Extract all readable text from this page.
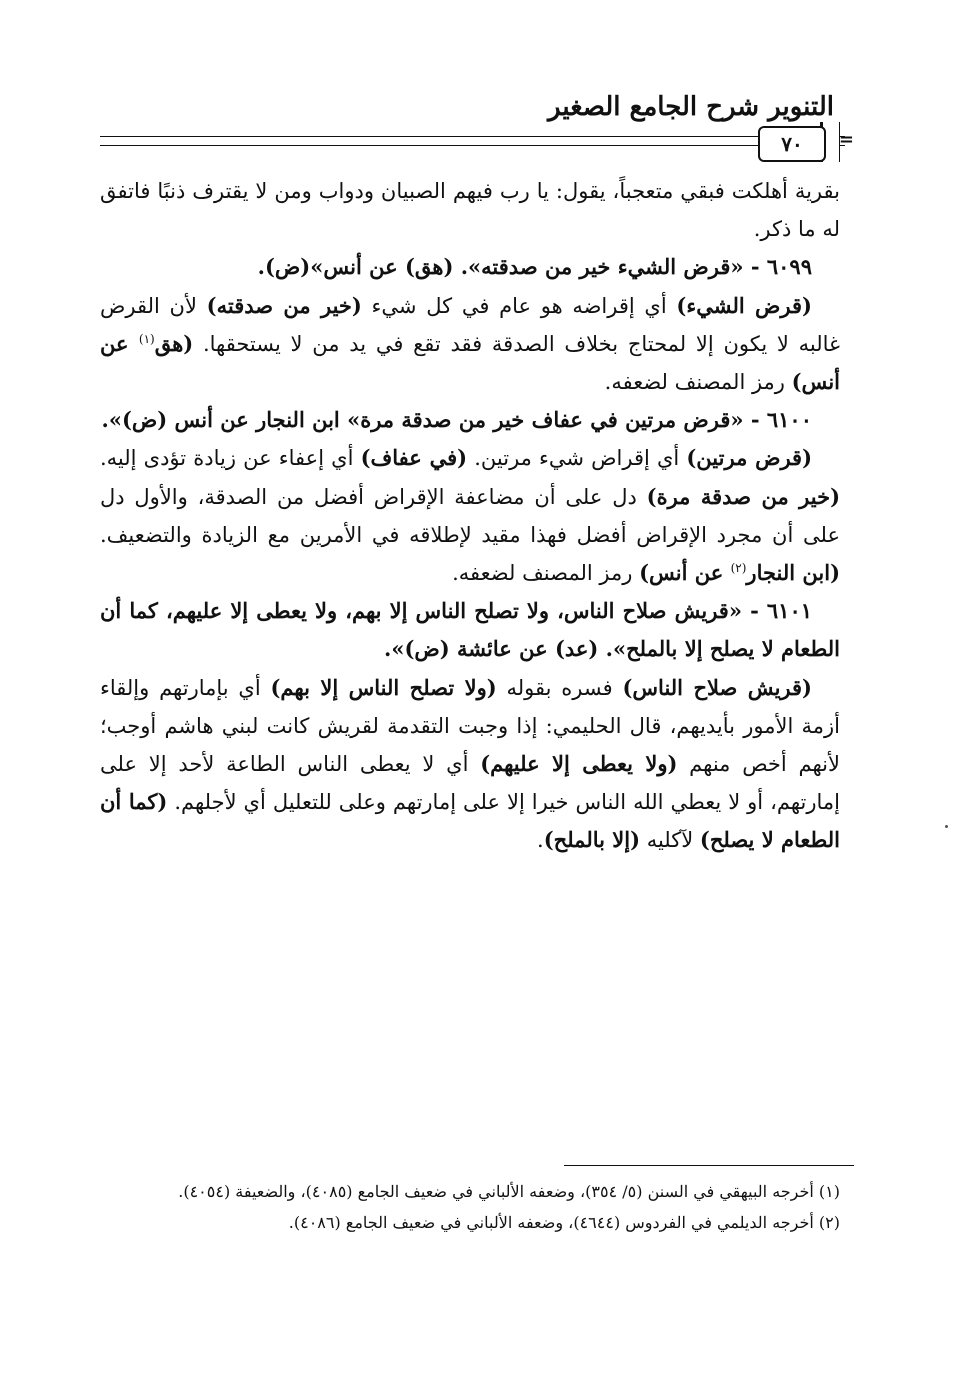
التنوير شرح الجامع الصغير
٧٠ =

بقرية أهلكت فبقي متعجباً، يقول: يا رب فيهم الصبيان ودواب ومن لا يقترف ذنبًا فاتفق له ما ذكر.

٦٠٩٩ - «قرض الشيء خير من صدقته». (هق) عن أنس»(ض).

(قرض الشيء) أي إقراضه هو عام في كل شيء (خير من صدقته) لأن القرض غالبه لا يكون إلا لمحتاج بخلاف الصدقة فقد تقع في يد من لا يستحقها. (هق$^{(١)}$ عن أنس) رمز المصنف لضعفه.

٦١٠٠ - «قرض مرتين في عفاف خير من صدقة مرة» ابن النجار عن أنس (ض)».

(قرض مرتين) أي إقراض شيء مرتين. (في عفاف) أي إعفاء عن زيادة تؤدى إليه. (خير من صدقة مرة) دل على أن مضاعفة الإقراض أفضل من الصدقة، والأول دل على أن مجرد الإقراض أفضل فهذا مقيد لإطلاقه في الأمرين مع الزيادة والتضعيف. (ابن النجار$^{(٢)}$ عن أنس) رمز المصنف لضعفه.

٦١٠١ - «قريش صلاح الناس، ولا تصلح الناس إلا بهم، ولا يعطى إلا عليهم، كما أن الطعام لا يصلح إلا بالملح». (عد) عن عائشة (ض)».

(قريش صلاح الناس) فسره بقوله (ولا تصلح الناس إلا بهم) أي بإمارتهم وإلقاء أزمة الأمور بأيديهم، قال الحليمي: إذا وجبت التقدمة لقريش كانت لبني هاشم أوجب؛ لأنهم أخص منهم (ولا يعطى إلا عليهم) أي لا يعطى الناس الطاعة لأحد إلا على إمارتهم، أو لا يعطي الله الناس خيرا إلا على إمارتهم وعلى للتعليل أي لأجلهم. (كما أن الطعام لا يصلح) لآكليه (إلا بالملح).

(١) أخرجه البيهقي في السنن (٥/ ٣٥٤)، وضعفه الألباني في ضعيف الجامع (٤٠٨٥)، والضعيفة (٤٠٥٤).

(٢) أخرجه الديلمي في الفردوس (٤٦٤٤)، وضعفه الألباني في ضعيف الجامع (٤٠٨٦).
